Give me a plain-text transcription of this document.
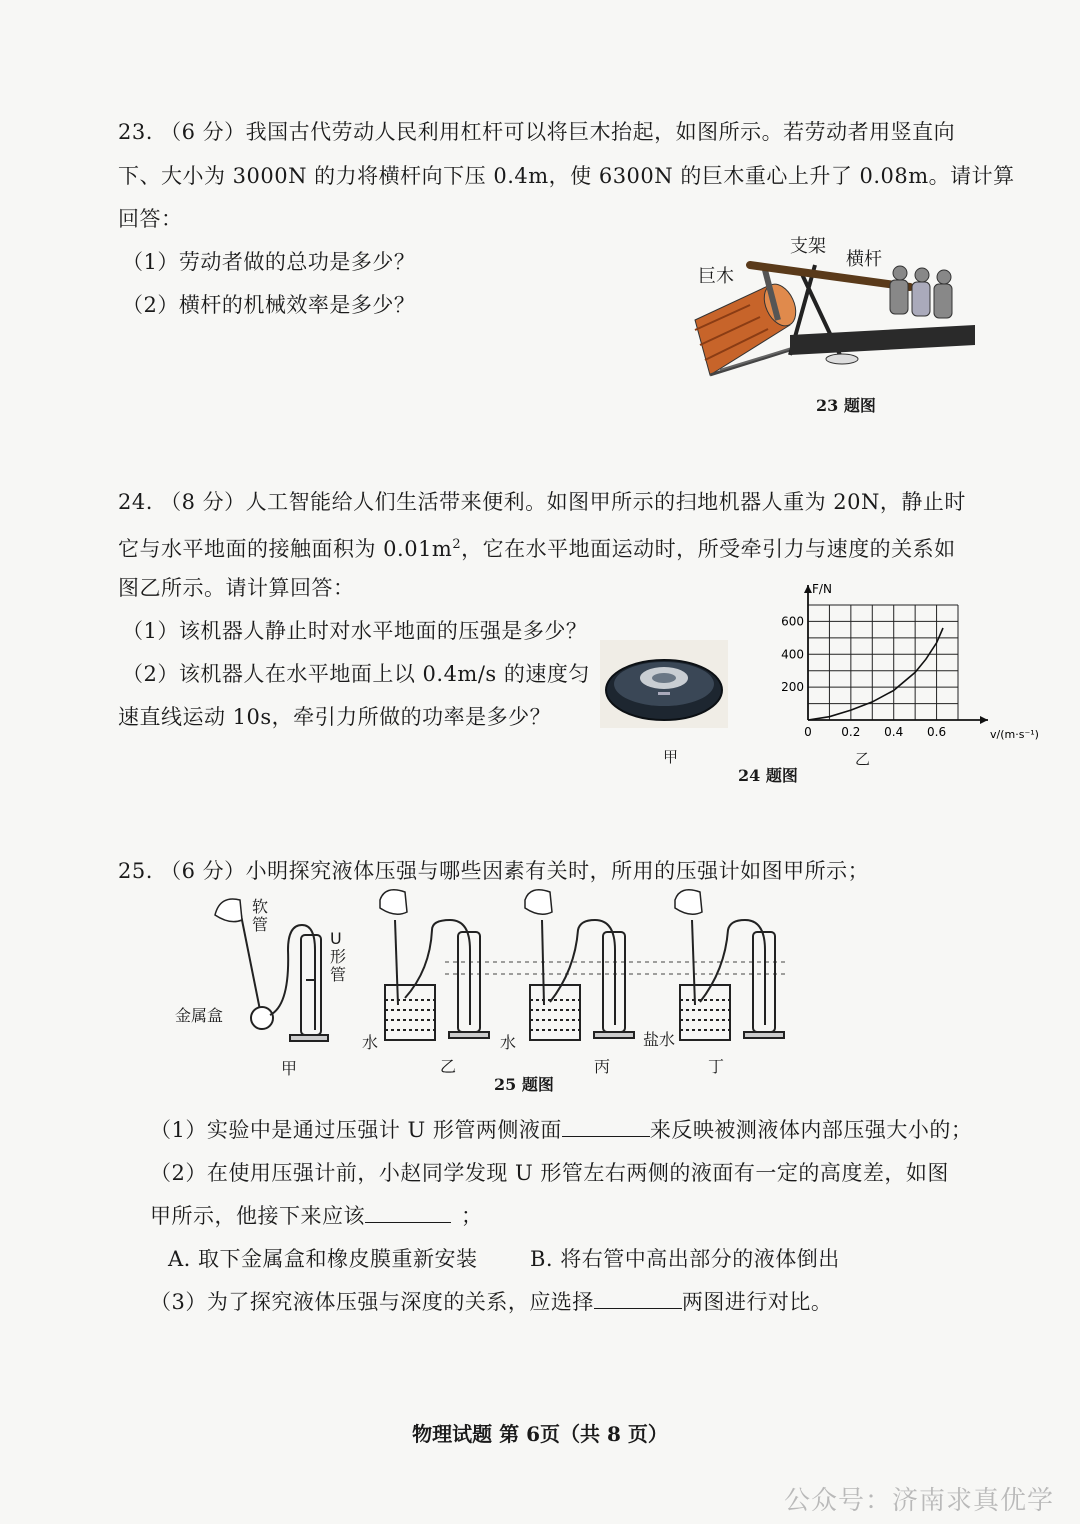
23. （6 分）我国古代劳动人民利用杠杆可以将巨木抬起，如图所示。若劳动者用竖直向
下、大小为 3000N 的力将横杆向下压 0.4m，使 6300N 的巨木重心上升了 0.08m。请计算
回答：
（1）劳动者做的总功是多少？
（2）横杆的机械效率是多少？
巨木
支架
横杆
23 题图
24. （8 分）人工智能给人们生活带来便利。如图甲所示的扫地机器人重为 20N，静止时
它与水平地面的接触面积为 $0.01m^2$，它在水平地面运动时，所受牵引力与速度的关系如
图乙所示。请计算回答：
（1）该机器人静止时对水平地面的压强是多少？
（2）该机器人在水平地面上以 0.4m/s 的速度匀
速直线运动 10s，牵引力所做的功率是多少？
甲
0 0.2 0.4 0.6
200
400
600
F/N
v/(m·s⁻¹)
乙
24 题图
25. （6 分）小明探究液体压强与哪些因素有关时，所用的压强计如图甲所示；
软管
U形管
金属盒
水	水	盐水
甲	乙	丙	丁
25 题图
（1）实验中是通过压强计 U 形管两侧液面	来反映被测液体内部压强大小的；
（2）在使用压强计前，小赵同学发现 U 形管左右两侧的液面有一定的高度差，如图
甲所示，他接下来应该	；
A. 取下金属盒和橡皮膜重新安装 B. 将右管中高出部分的液体倒出
（3）为了探究液体压强与深度的关系，应选择	两图进行对比。
物理试题 第 6页（共 8 页）
公众号：济南求真优学
